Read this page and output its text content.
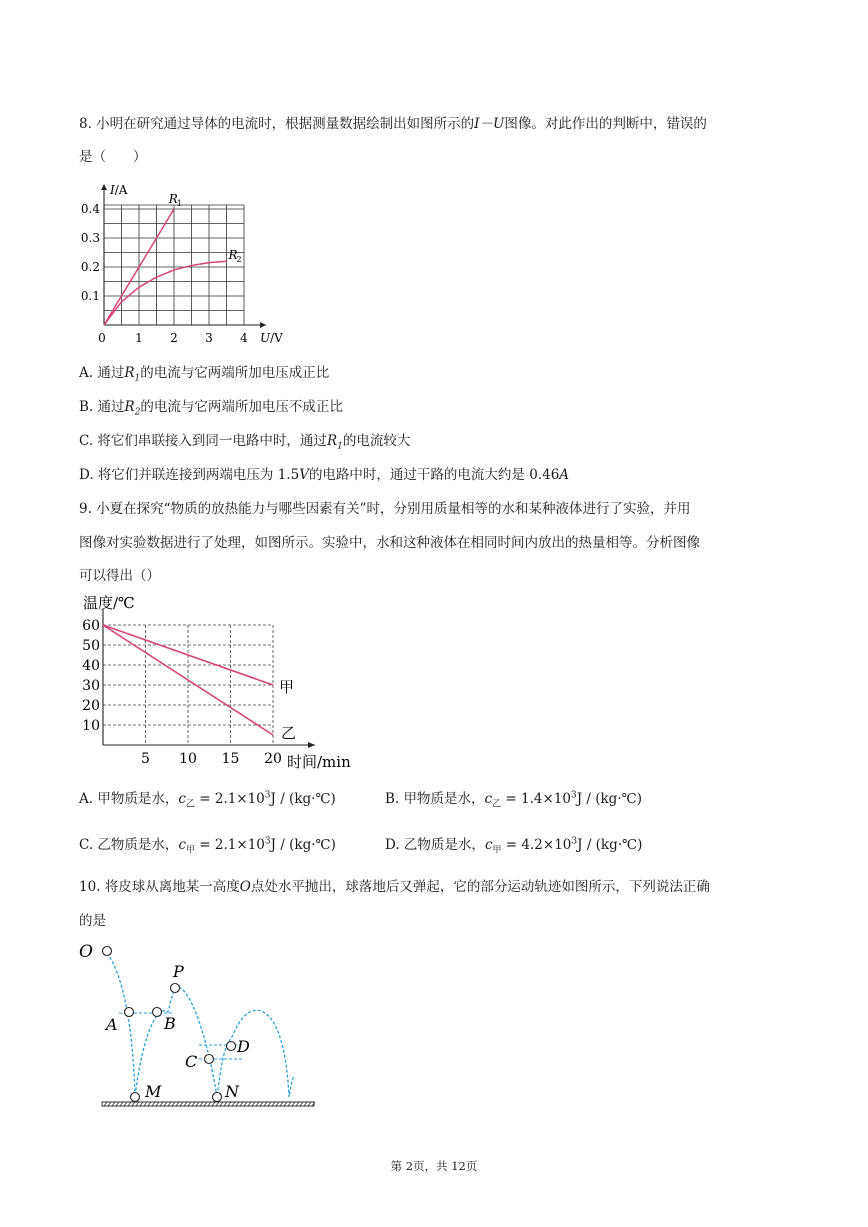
8. 小明在研究通过导体的电流时，根据测量数据绘制出如图所示的I－U图像。对此作出的判断中，错误的
是（　　）
0.1
0.2
0.3
0.4
1 2 3 4
0
I/A
U/V
R
1
R
2
A. 通过$R_1$的电流与它两端所加电压成正比
B. 通过$R_2$的电流与它两端所加电压不成正比
C. 将它们串联接入到同一电路中时，通过$R_1$的电流较大
D. 将它们并联连接到两端电压为 1.5V的电路中时，通过干路的电流大约是 0.46A
9. 小夏在探究“物质的放热能力与哪些因素有关”时，分别用质量相等的水和某种液体进行了实验，并用
图像对实验数据进行了处理，如图所示。实验中，水和这种液体在相同时间内放出的热量相等。分析图像
可以得出（）
10
20
30
40
50
60
5 10 15 20
温度/℃
时间/min
甲
乙
A. 甲物质是水，$c_乙 = 2.1\times 10^3J$ / (kg·℃)	B. 甲物质是水，$c_乙 = 1.4\times 10^3J$ / (kg·℃)
C. 乙物质是水，$c_甲 = 2.1\times 10^3J$ / (kg·℃)	D. 乙物质是水，$c_甲 = 4.2\times 10^3J$ / (kg·℃)
10. 将皮球从离地某一高度O点处水平抛出，球落地后又弹起，它的部分运动轨迹如图所示，下列说法正确
的是
O
A	B
P
C
D
M	N
第 2页，共 12页
